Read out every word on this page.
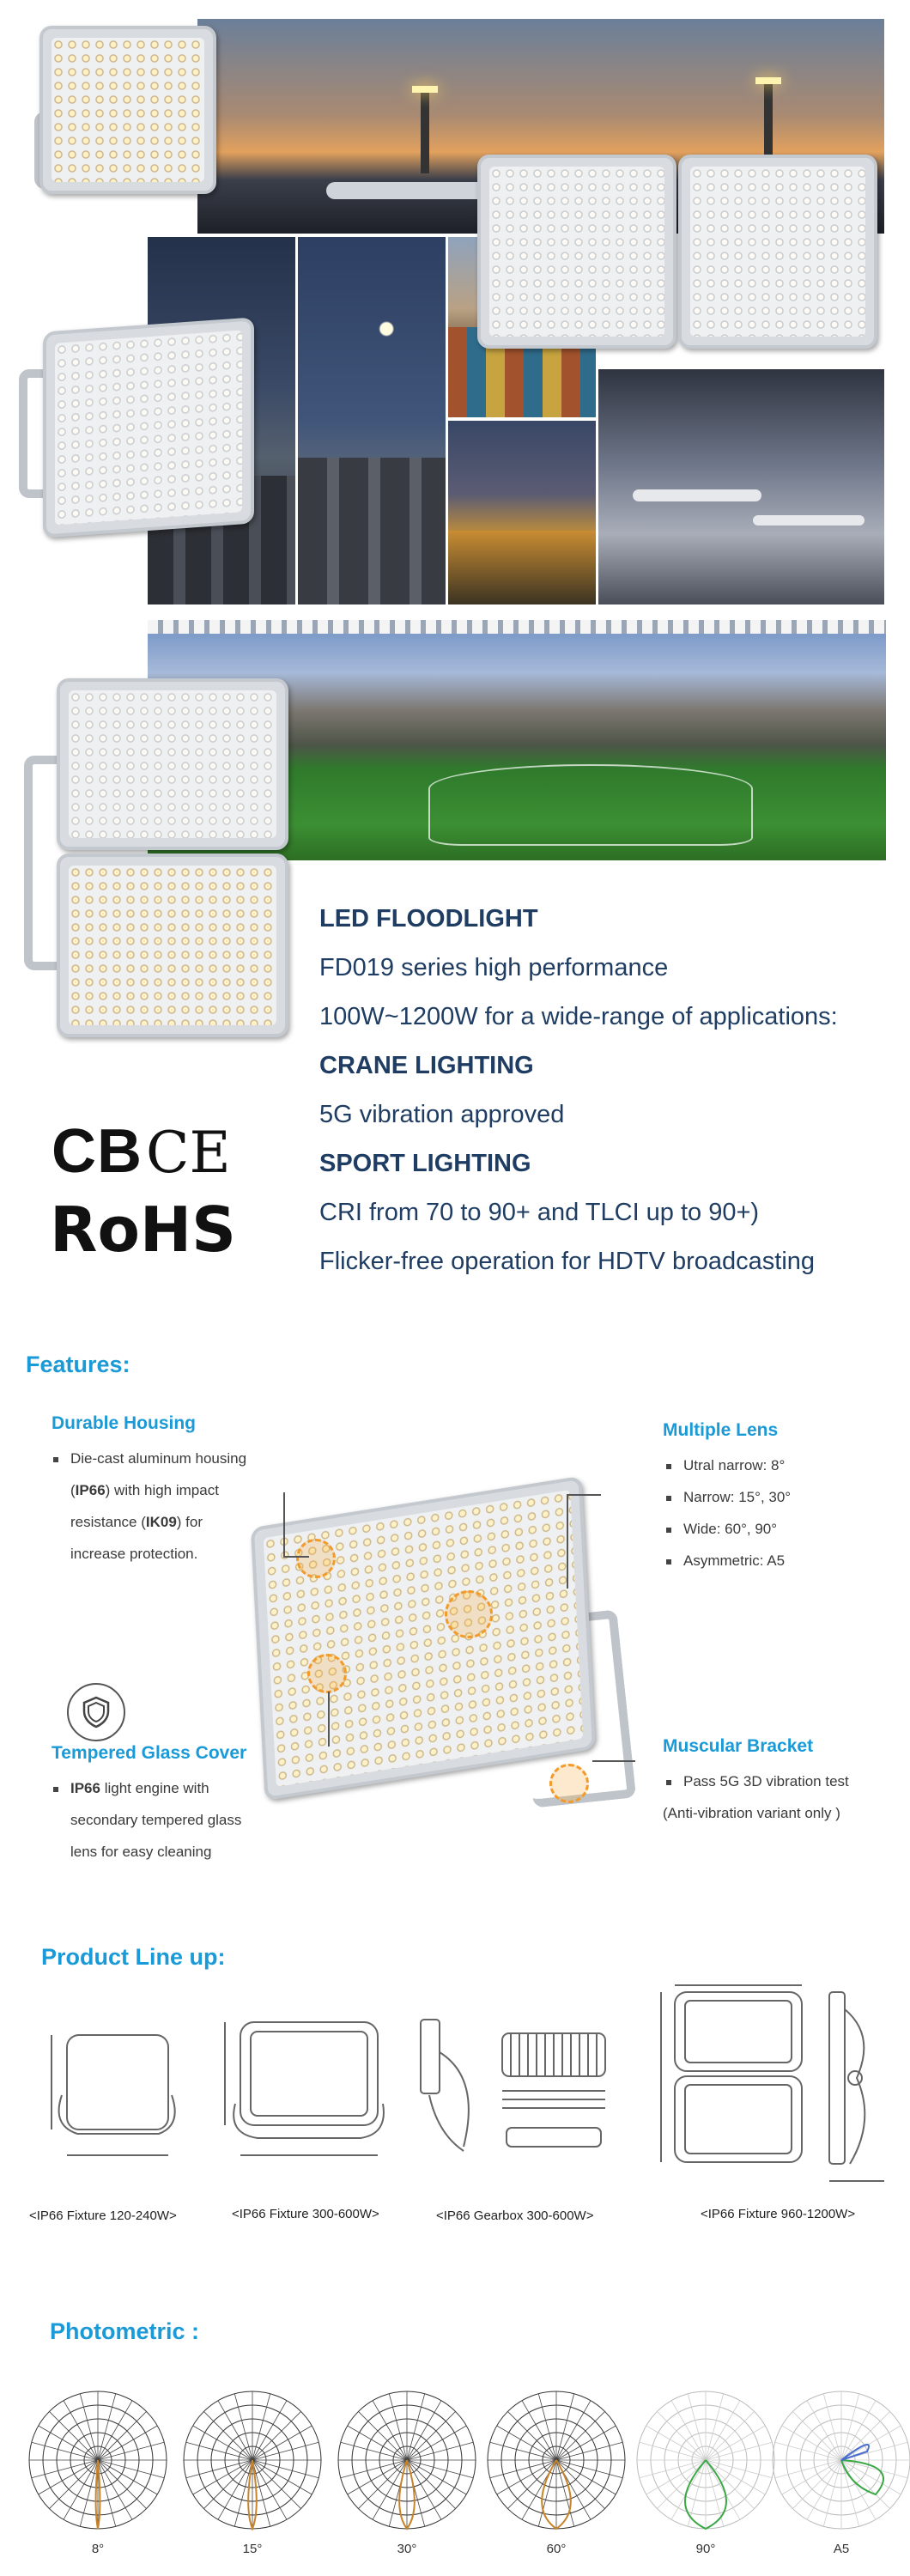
LED FLOODLIGHT
FD019 series high performance
100W~1200W for a wide-range of applications:
CRANE LIGHTING
5G vibration approved
SPORT LIGHTING
CRI from 70 to 90+ and TLCI up to 90+)
Flicker-free operation for HDTV broadcasting
CB CE
RoHS
Features:
Durable Housing
Die-cast aluminum housing
(IP66) with high impact
resistance (IK09) for
increase protection.
Tempered Glass Cover
IP66 light engine with
secondary tempered glass
lens for easy cleaning
Multiple Lens
Utral narrow: 8°
Narrow: 15°, 30°
Wide: 60°, 90°
Asymmetric: A5
Muscular Bracket
Pass 5G 3D vibration test
(Anti-vibration variant only )
Product Line up:
<IP66 Fixture 120-240W>	<IP66 Fixture 300-600W>	<IP66 Gearbox 300-600W>	<IP66 Fixture 960-1200W>
Photometric :
8°	15°	30°	60°	90°	A5
